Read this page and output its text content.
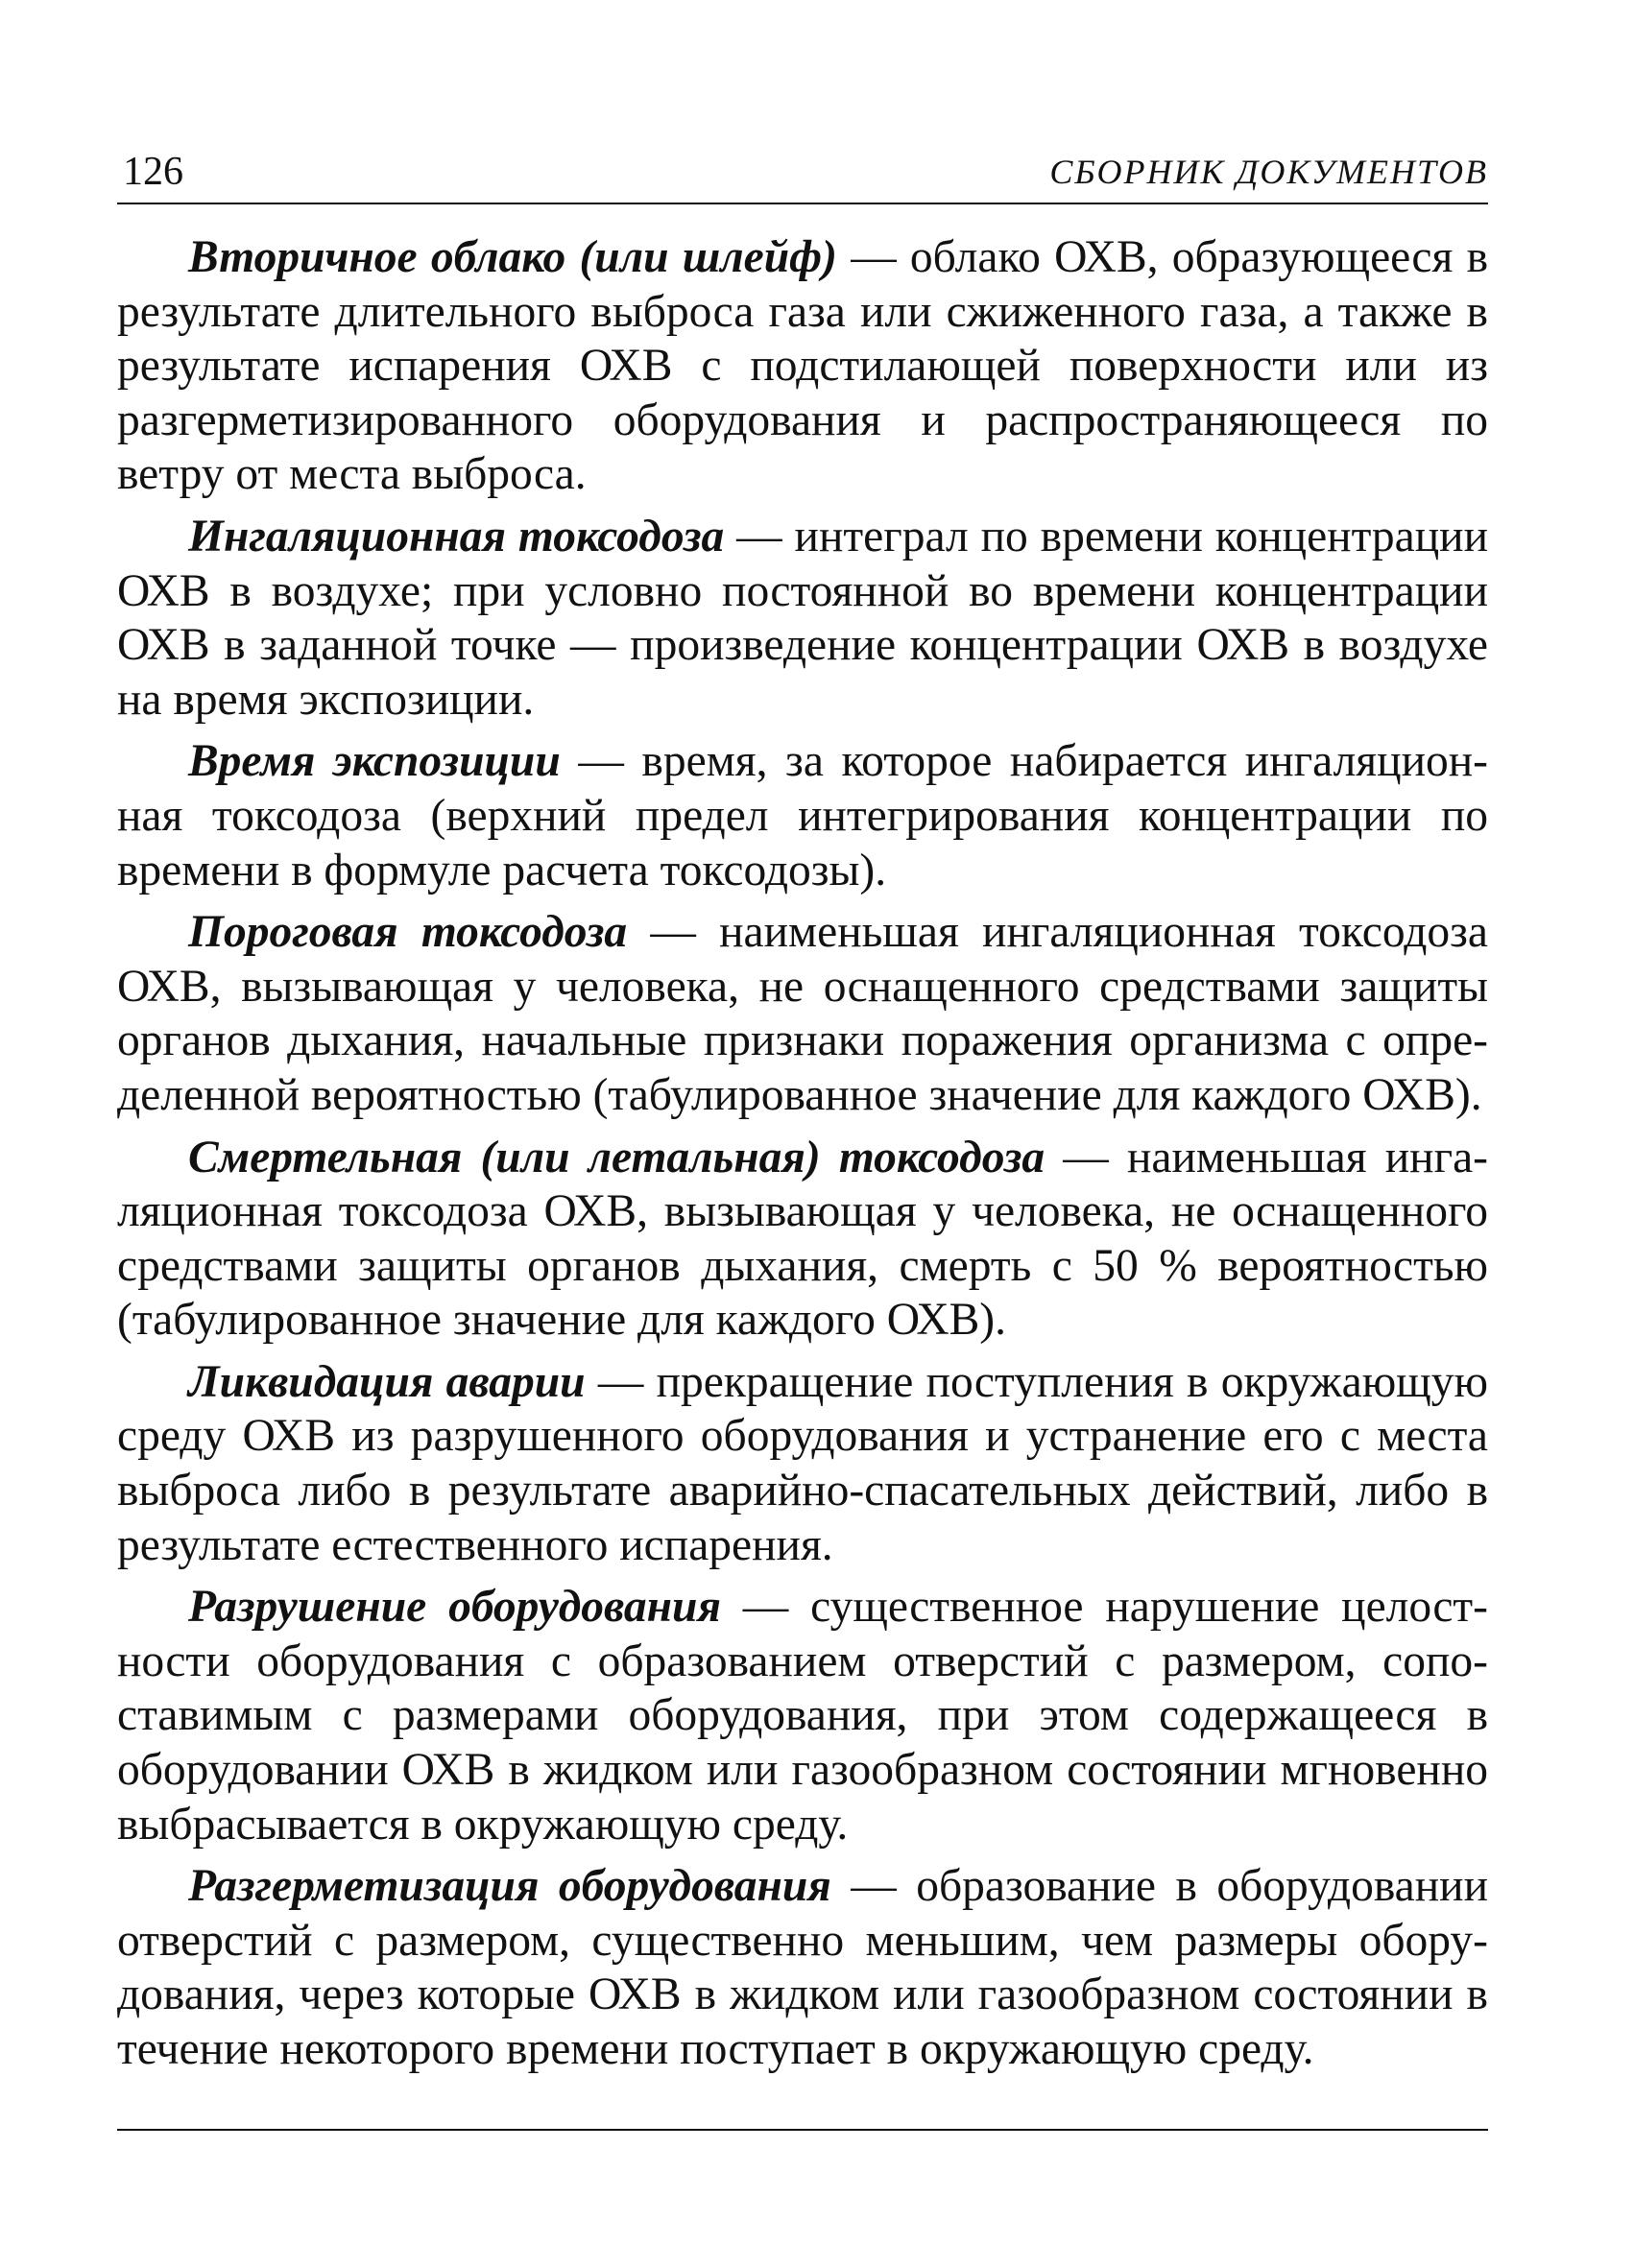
126	СБОРНИК ДОКУМЕНТОВ

Вторичное облако (или шлейф) — облако ОХВ, образующееся в результате длительного выброса газа или сжиженного газа, а также в результате испарения ОХВ с подстилающей поверхности или из разгерметизированного оборудования и распространяющееся по ветру от места выброса.

Ингаляционная токсодоза — интеграл по времени концентрации ОХВ в воздухе; при условно постоянной во времени концентрации ОХВ в заданной точке — произведение концентрации ОХВ в воздухе на время экспозиции.

Время экспозиции — время, за которое набирается ингаляционная токсодоза (верхний предел интегрирования концентрации по времени в формуле расчета токсодозы).

Пороговая токсодоза — наименьшая ингаляционная токсодоза ОХВ, вызывающая у человека, не оснащенного средствами защиты органов дыхания, начальные признаки поражения организма с определенной вероятностью (табулированное значение для каждого ОХВ).

Смертельная (или летальная) токсодоза — наименьшая ингаляционная токсодоза ОХВ, вызывающая у человека, не оснащенного средствами защиты органов дыхания, смерть с 50 % вероятностью (табулированное значение для каждого ОХВ).

Ликвидация аварии — прекращение поступления в окружающую среду ОХВ из разрушенного оборудования и устранение его с места выброса либо в результате аварийно-спасательных действий, либо в результате естественного испарения.

Разрушение оборудования — существенное нарушение целостности оборудования с образованием отверстий с размером, сопоставимым с размерами оборудования, при этом содержащееся в оборудовании ОХВ в жидком или газообразном состоянии мгновенно выбрасывается в окружающую среду.

Разгерметизация оборудования — образование в оборудовании отверстий с размером, существенно меньшим, чем размеры оборудования, через которые ОХВ в жидком или газообразном состоянии в течение некоторого времени поступает в окружающую среду.
